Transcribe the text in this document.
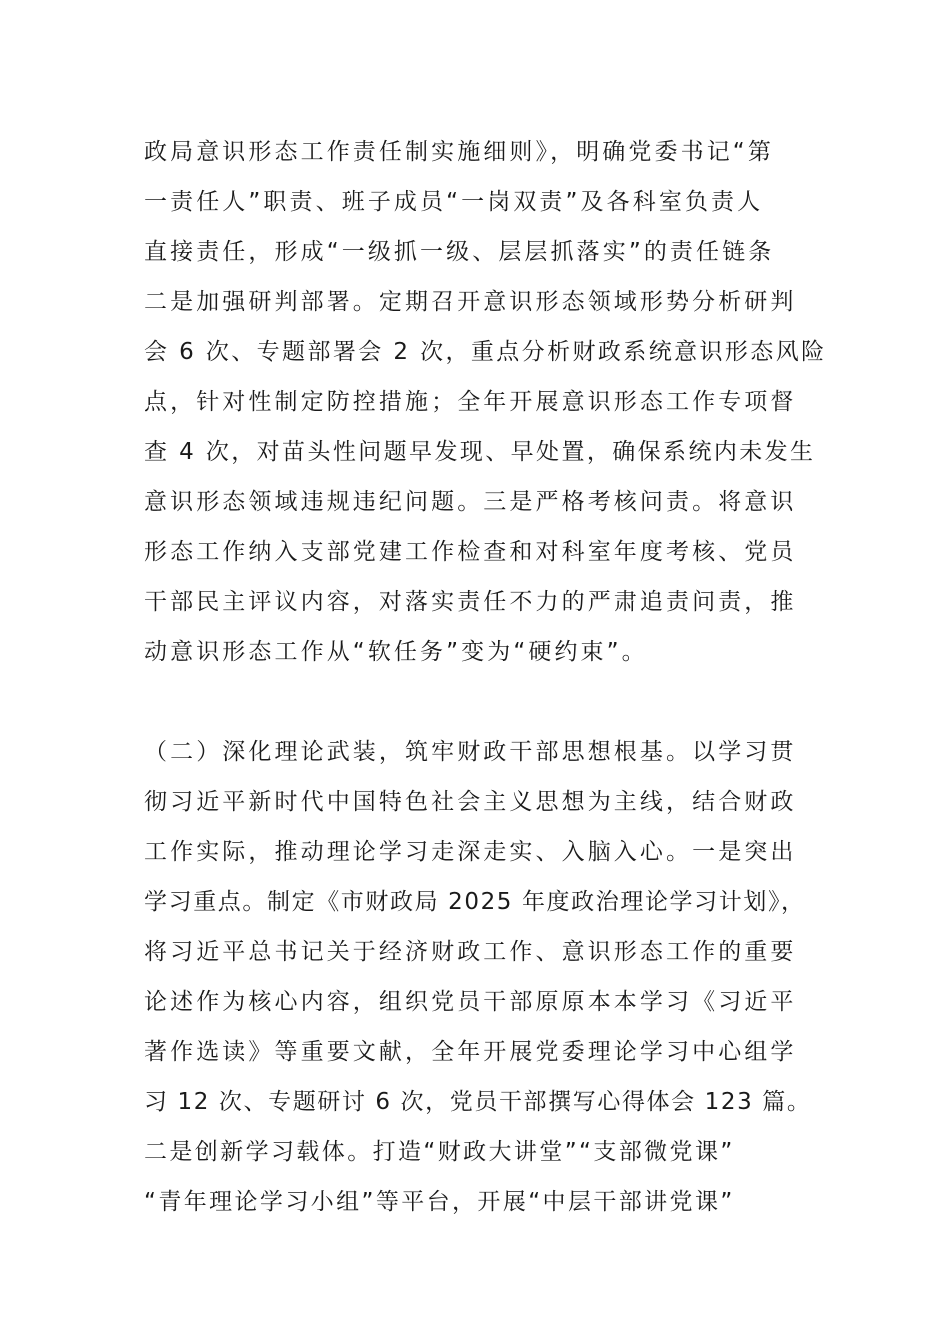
政局意识形态工作责任制实施细则》，明确党委书记“第
一责任人”职责、班子成员“一岗双责”及各科室负责人
直接责任，形成“一级抓一级、层层抓落实”的责任链条
二是加强研判部署。定期召开意识形态领域形势分析研判
会 6 次、专题部署会 2 次，重点分析财政系统意识形态风险
点，针对性制定防控措施；全年开展意识形态工作专项督
查 4 次，对苗头性问题早发现、早处置，确保系统内未发生
意识形态领域违规违纪问题。三是严格考核问责。将意识
形态工作纳入支部党建工作检查和对科室年度考核、党员
干部民主评议内容，对落实责任不力的严肃追责问责，推
动意识形态工作从“软任务”变为“硬约束”。
（二）深化理论武装，筑牢财政干部思想根基。以学习贯
彻习近平新时代中国特色社会主义思想为主线，结合财政
工作实际，推动理论学习走深走实、入脑入心。一是突出
学习重点。制定《市财政局 2025 年度政治理论学习计划》，
将习近平总书记关于经济财政工作、意识形态工作的重要
论述作为核心内容，组织党员干部原原本本学习《习近平
著作选读》等重要文献，全年开展党委理论学习中心组学
习 12 次、专题研讨 6 次，党员干部撰写心得体会 123 篇。
二是创新学习载体。打造“财政大讲堂”“支部微党课”
“青年理论学习小组”等平台，开展“中层干部讲党课”
